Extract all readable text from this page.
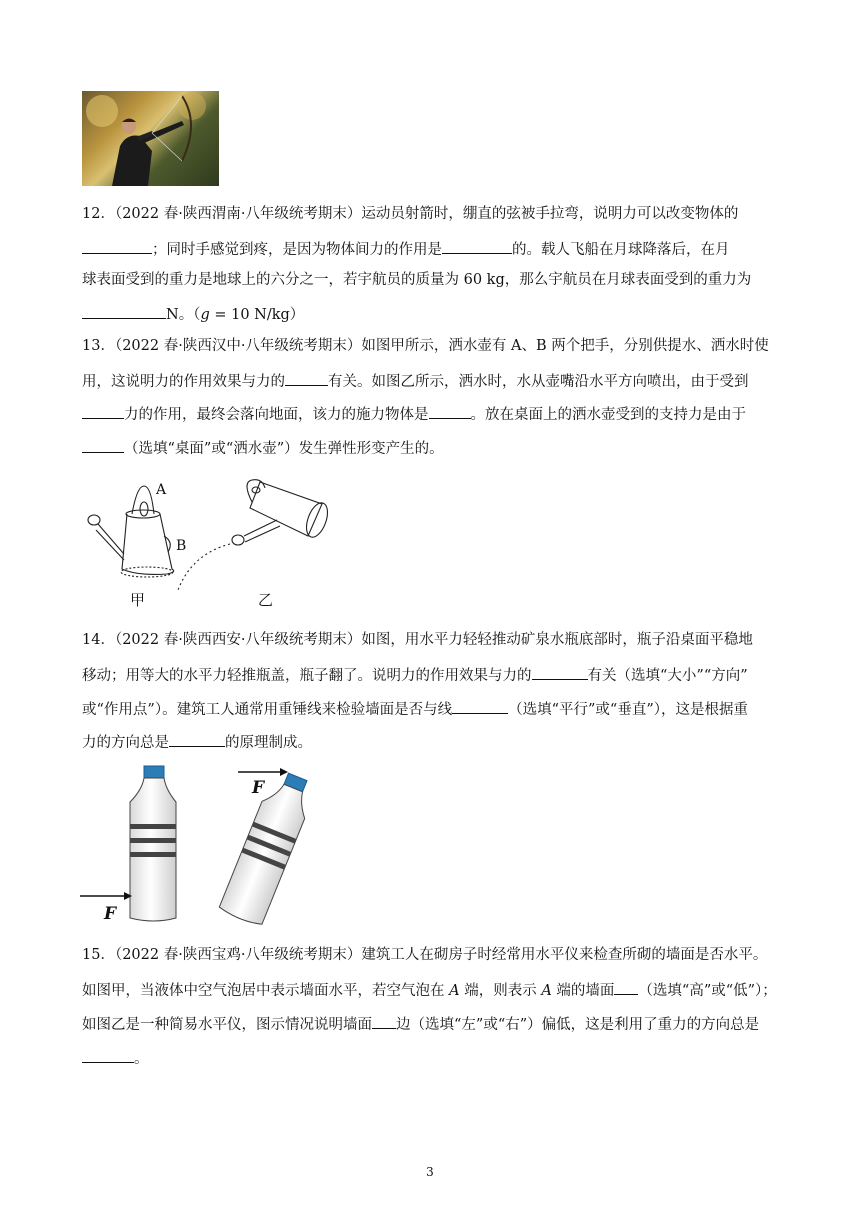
12．（2022 春·陕西渭南·八年级统考期末）运动员射箭时，绷直的弦被手拉弯，说明力可以改变物体的
；同时手感觉到疼，是因为物体间力的作用是	的。载人飞船在月球降落后，在月
球表面受到的重力是地球上的六分之一，若宇航员的质量为 60 kg，那么宇航员在月球表面受到的重力为
N。（g = 10 N/kg）
13．（2022 春·陕西汉中·八年级统考期末）如图甲所示，洒水壶有 A、B 两个把手，分别供提水、洒水时使
用，这说明力的作用效果与力的	有关。如图乙所示，洒水时，水从壶嘴沿水平方向喷出，由于受到
力的作用，最终会落向地面，该力的施力物体是	。放在桌面上的洒水壶受到的支持力是由于
（选填“桌面”或“洒水壶”）发生弹性形变产生的。
A
B
甲	乙
14．（2022 春·陕西西安·八年级统考期末）如图，用水平力轻轻推动矿泉水瓶底部时，瓶子沿桌面平稳地
移动；用等大的水平力轻推瓶盖，瓶子翻了。说明力的作用效果与力的	有关（选填“大小”“方向”
或“作用点”）。建筑工人通常用重锤线来检验墙面是否与线	（选填“平行”或“垂直”），这是根据重
力的方向总是	的原理制成。
F
F
15．（2022 春·陕西宝鸡·八年级统考期末）建筑工人在砌房子时经常用水平仪来检查所砌的墙面是否水平。
如图甲，当液体中空气泡居中表示墙面水平，若空气泡在 A 端，则表示 A 端的墙面 （选填“高”或“低”）；
如图乙是一种简易水平仪，图示情况说明墙面 边（选填“左”或“右”）偏低，这是利用了重力的方向总是
。
3
